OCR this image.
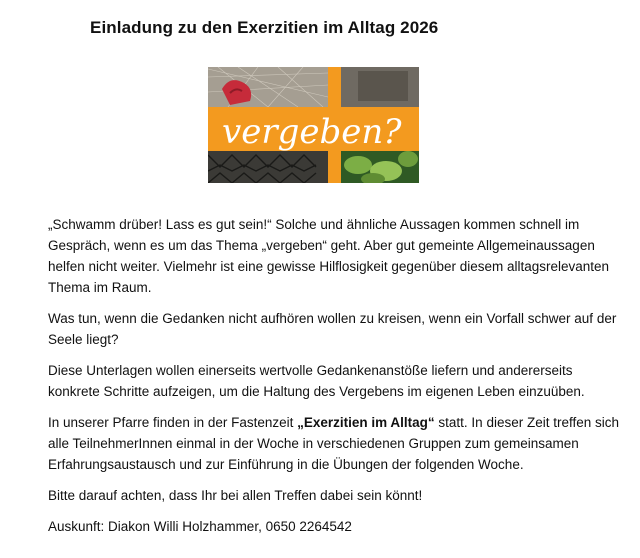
Einladung zu den Exerzitien im Alltag 2026
vergeben?

„Schwamm drüber! Lass es gut sein!“ Solche und ähnliche Aussagen kommen schnell im Gespräch, wenn es um das Thema „vergeben“ geht. Aber gut gemeinte Allgemeinaussagen helfen nicht weiter. Vielmehr ist eine gewisse Hilflosigkeit gegenüber diesem alltagsrelevanten Thema im Raum.

Was tun, wenn die Gedanken nicht aufhören wollen zu kreisen, wenn ein Vorfall schwer auf der Seele liegt?

Diese Unterlagen wollen einerseits wertvolle Gedankenanstöße liefern und andererseits konkrete Schritte aufzeigen, um die Haltung des Vergebens im eigenen Leben einzuüben.

In unserer Pfarre finden in der Fastenzeit „Exerzitien im Alltag“ statt. In dieser Zeit treffen sich alle TeilnehmerInnen einmal in der Woche in verschiedenen Gruppen zum gemeinsamen Erfahrungsaustausch und zur Einführung in die Übungen der folgenden Woche.

Bitte darauf achten, dass Ihr bei allen Treffen dabei sein könnt!

Auskunft: Diakon Willi Holzhammer, 0650 2264542
